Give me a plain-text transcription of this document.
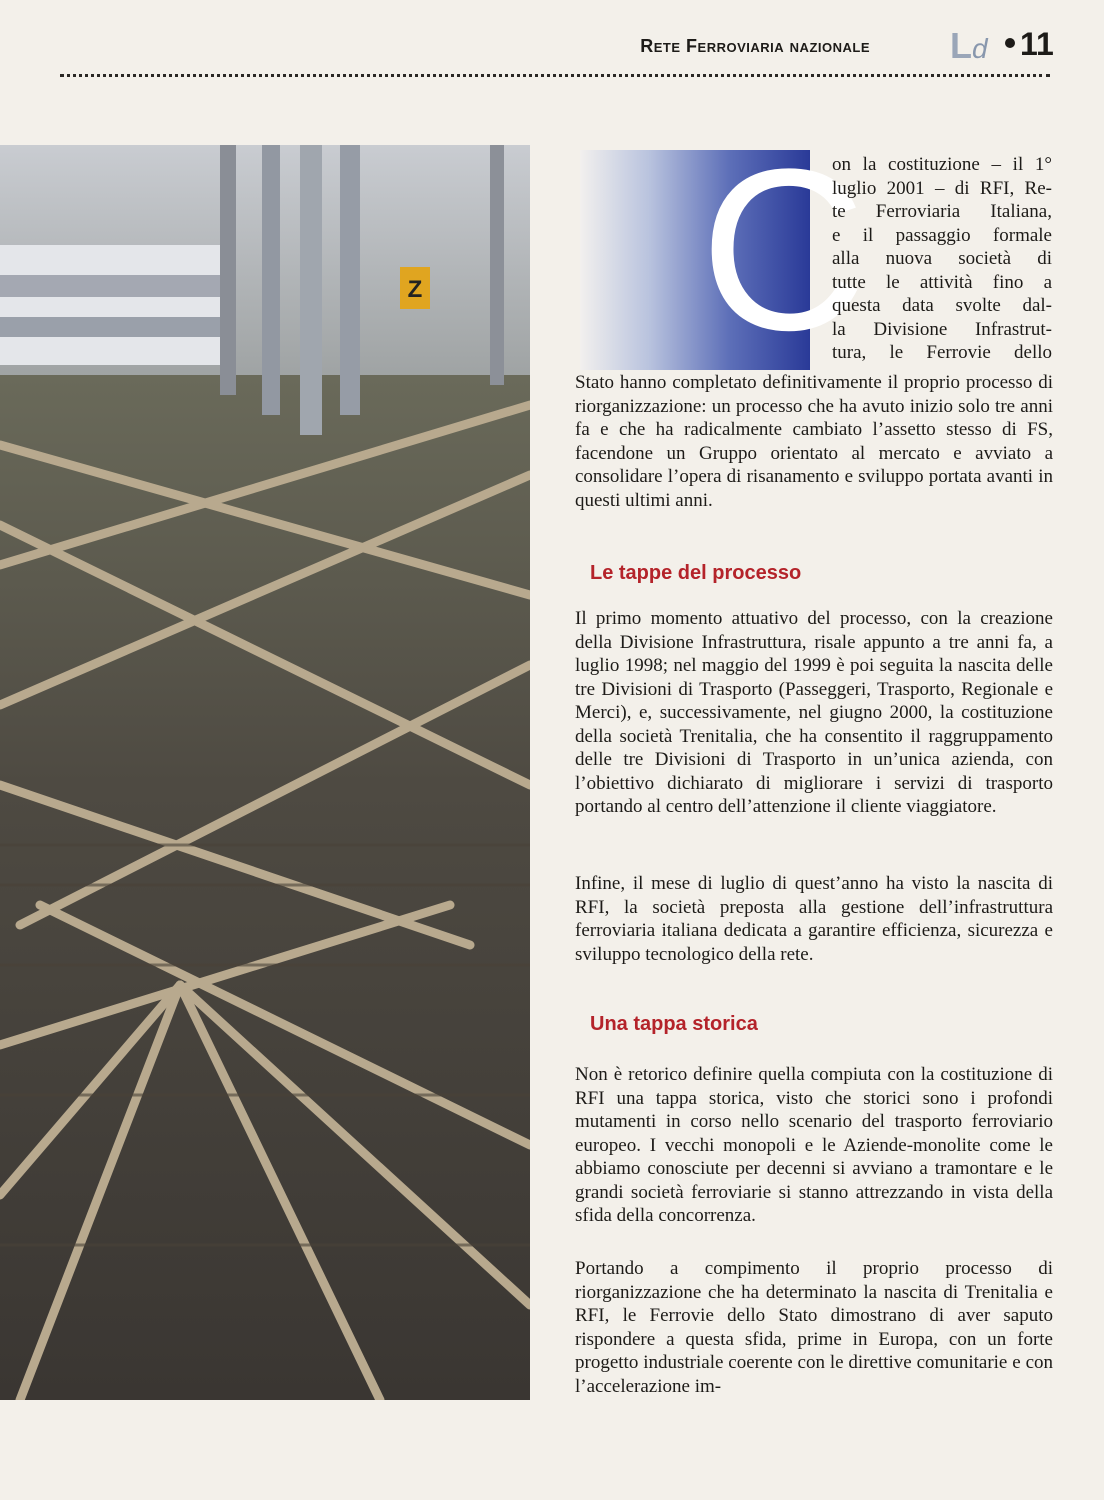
Rete Ferroviaria nazionale Ld 11
Z C
on la costituzione – il 1°
luglio 2001 – di RFI, Re-
te Ferroviaria Italiana,
e il passaggio formale
alla nuova società di
tutte le attività fino a
questa data svolte dal-
la Divisione Infrastrut-
tura, le Ferrovie dello

Stato hanno completato definitivamente il proprio processo di riorganizzazione: un processo che ha avuto inizio solo tre anni fa e che ha radicalmente cambiato l’assetto stesso di FS, facendone un Gruppo orientato al mercato e avviato a consolidare l’opera di risanamento e sviluppo portata avanti in questi ultimi anni.

Le tappe del processo

Il primo momento attuativo del processo, con la creazione della Divisione Infrastruttura, risale appunto a tre anni fa, a luglio 1998; nel maggio del 1999 è poi seguita la nascita delle tre Divisioni di Trasporto (Passeggeri, Trasporto, Regionale e Merci), e, successivamente, nel giugno 2000, la costituzione della società Trenitalia, che ha consentito il raggruppamento delle tre Divisioni di Trasporto in un’unica azienda, con l’obiettivo dichiarato di migliorare i servizi di trasporto portando al centro dell’attenzione il cliente viaggiatore.

Infine, il mese di luglio di quest’anno ha visto la nascita di RFI, la società preposta alla gestione dell’infrastruttura ferroviaria italiana dedicata a garantire efficienza, sicurezza e sviluppo tecnologico della rete.

Una tappa storica

Non è retorico definire quella compiuta con la costituzione di RFI una tappa storica, visto che storici sono i profondi mutamenti in corso nello scenario del trasporto ferroviario europeo. I vecchi monopoli e le Aziende-monolite come le abbiamo conosciute per decenni si avviano a tramontare e le grandi società ferroviarie si stanno attrezzando in vista della sfida della concorrenza.

Portando a compimento il proprio processo di riorganizzazione che ha determinato la nascita di Trenitalia e RFI, le Ferrovie dello Stato dimostrano di aver saputo rispondere a questa sfida, prime in Europa, con un forte progetto industriale coerente con le direttive comunitarie e con l’accelerazione im-
